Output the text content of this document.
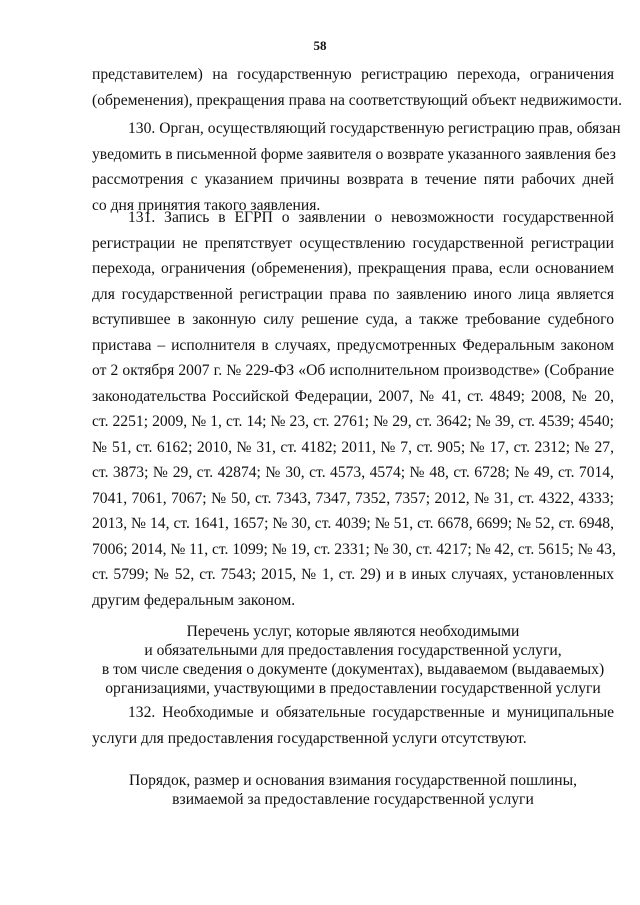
58
представителем) на государственную регистрацию перехода, ограничения
(обременения), прекращения права на соответствующий объект недвижимости.
130. Орган, осуществляющий государственную регистрацию прав, обязан
уведомить в письменной форме заявителя о возврате указанного заявления без
рассмотрения с указанием причины возврата в течение пяти рабочих дней
со дня принятия такого заявления.
131. Запись в ЕГРП о заявлении о невозможности государственной
регистрации не препятствует осуществлению государственной регистрации
перехода, ограничения (обременения), прекращения права, если основанием
для государственной регистрации права по заявлению иного лица является
вступившее в законную силу решение суда, а также требование судебного
пристава – исполнителя в случаях, предусмотренных Федеральным законом
от 2 октября 2007 г. № 229-ФЗ «Об исполнительном производстве» (Собрание
законодательства Российской Федерации, 2007, № 41, ст. 4849; 2008, № 20,
ст. 2251; 2009, № 1, ст. 14; № 23, ст. 2761; № 29, ст. 3642; № 39, ст. 4539; 4540;
№ 51, ст. 6162; 2010, № 31, ст. 4182; 2011, № 7, ст. 905; № 17, ст. 2312; № 27,
ст. 3873; № 29, ст. 42874; № 30, ст. 4573, 4574; № 48, ст. 6728; № 49, ст. 7014,
7041, 7061, 7067; № 50, ст. 7343, 7347, 7352, 7357; 2012, № 31, ст. 4322, 4333;
2013, № 14, ст. 1641, 1657; № 30, ст. 4039; № 51, ст. 6678, 6699; № 52, ст. 6948,
7006; 2014, № 11, ст. 1099; № 19, ст. 2331; № 30, ст. 4217; № 42, ст. 5615; № 43,
ст. 5799; № 52, ст. 7543; 2015, № 1, ст. 29) и в иных случаях, установленных
другим федеральным законом.
Перечень услуг, которые являются необходимыми
и обязательными для предоставления государственной услуги,
в том числе сведения о документе (документах), выдаваемом (выдаваемых)
организациями, участвующими в предоставлении государственной услуги
132. Необходимые и обязательные государственные и муниципальные
услуги для предоставления государственной услуги отсутствуют.
Порядок, размер и основания взимания государственной пошлины,
взимаемой за предоставление государственной услуги
